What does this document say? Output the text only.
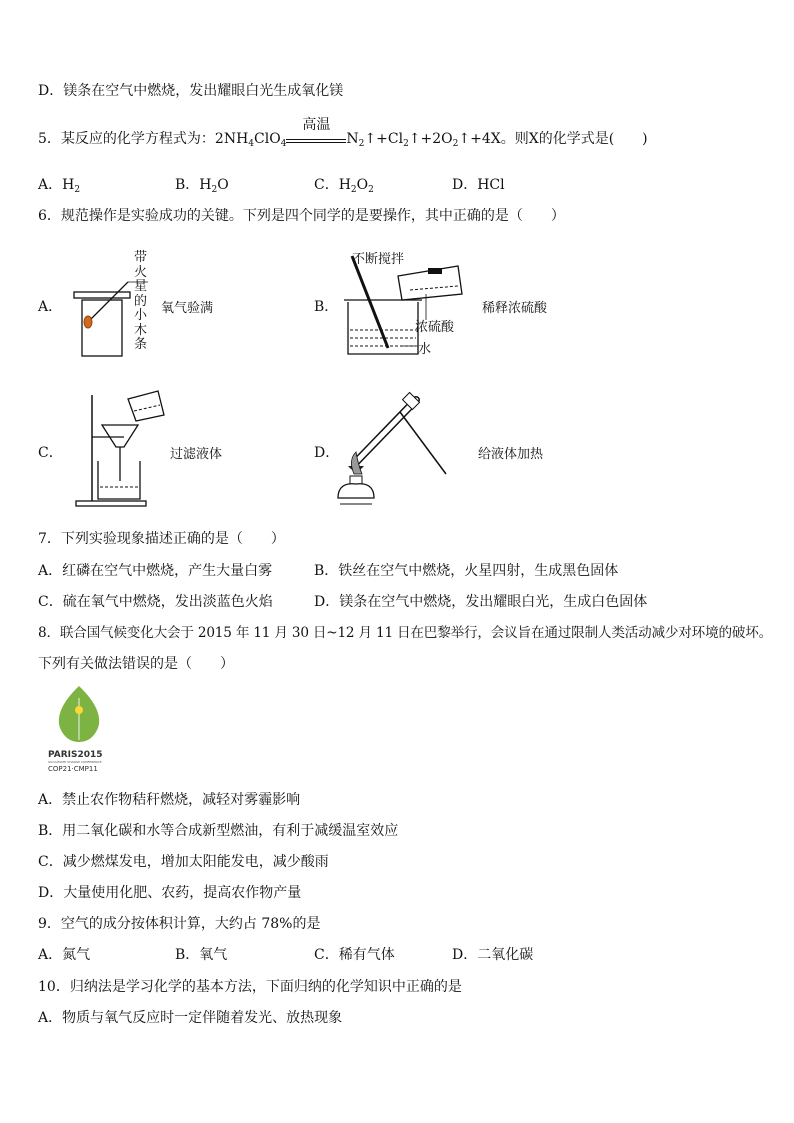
D．镁条在空气中燃烧，发出耀眼白光生成氧化镁
5．某反应的化学方程式为：$2NH_4ClO_4$
高温
$N_2↑+Cl_2↑+2O_2↑+4X$。则X的化学式是(　　)
A．$H_2$	B．$H_2O$	C．$H_2O_2$	D．HCl
6．规范操作是实验成功的关键。下列是四个同学的是要操作，其中正确的是（　　）
A．
带
火
星
的
小
木
条
氧气验满	B．
不断搅拌
浓硫酸
水
稀释浓硫酸
C．	过滤液体	D．	给液体加热
7．下列实验现象描述正确的是（　　）
A．红磷在空气中燃烧，产生大量白雾	B．铁丝在空气中燃烧，火星四射，生成黑色固体
C．硫在氧气中燃烧，发出淡蓝色火焰	D．镁条在空气中燃烧，发出耀眼白光，生成白色固体
8．联合国气候变化大会于 2015 年 11 月 30 日~12 月 11 日在巴黎举行，会议旨在通过限制人类活动减少对环境的破坏。
下列有关做法错误的是（　　）
PARIS2015
UN CLIMATE CHANGE CONFERENCE
COP21·CMP11
A．禁止农作物秸秆燃烧，减轻对雾霾影响
B．用二氧化碳和水等合成新型燃油，有利于减缓温室效应
C．减少燃煤发电，增加太阳能发电，减少酸雨
D．大量使用化肥、农药，提高农作物产量
9．空气的成分按体积计算，大约占 78%的是
A．氮气	B．氧气	C．稀有气体	D．二氧化碳
10．归纳法是学习化学的基本方法，下面归纳的化学知识中正确的是
A．物质与氧气反应时一定伴随着发光、放热现象
